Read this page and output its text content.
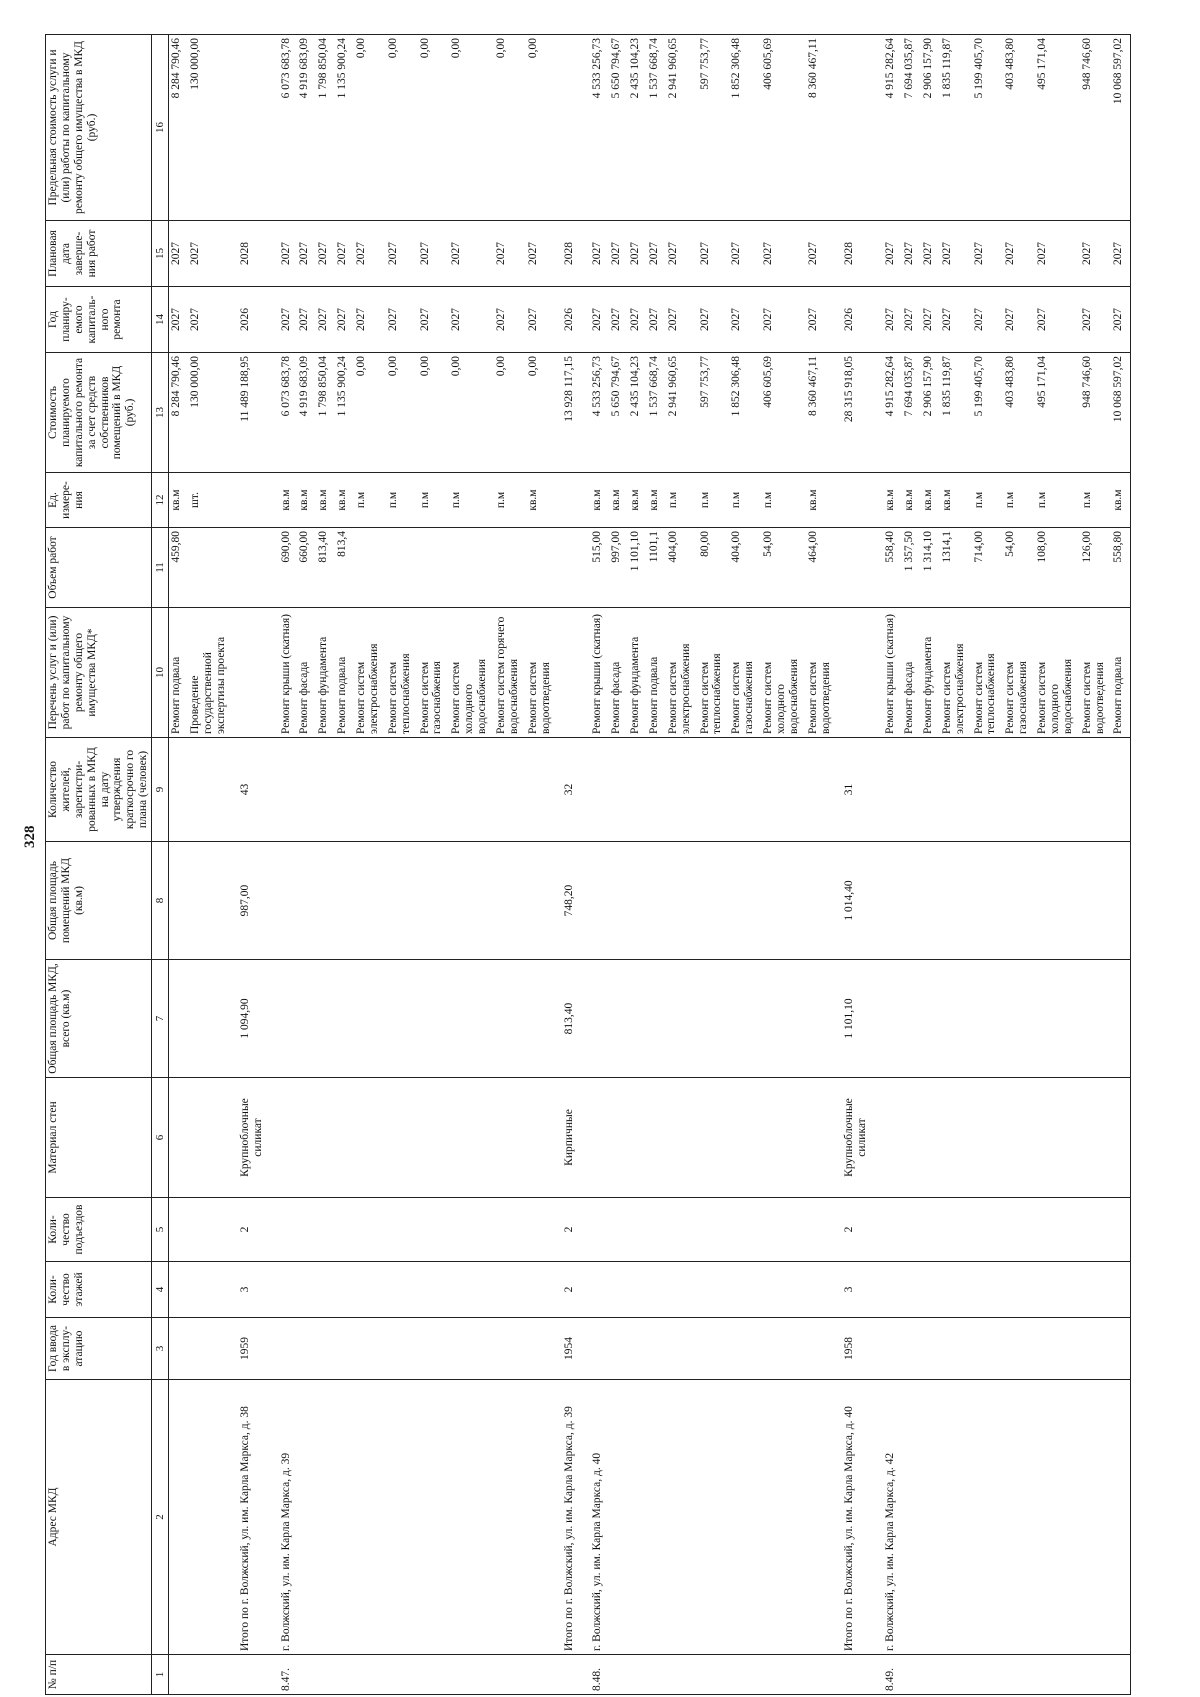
328
№ п/п	Адрес МКД	Год ввода в эксплу-атацию	Коли-чество этажей	Коли-чество подъездов	Материал стен	Общая площадь МКД, всего (кв.м)	Общая площадь помещений МКД (кв.м)	Количество жителей, зарегистри-рованных в МКД на дату утверждения краткосрочно го плана (человек)	Перечень услуг и (или) работ по капитальному ремонту общего имущества МКД*	Объем работ	Ед. измере-ния	Стоимость планируемого капитального ремонта за счет средств собственников помещений в МКД (руб.)	Год планиру-емого капиталь-ного ремонта	Плановая дата заверше-ния работ	Предельная стоимость услуги и (или) работы по капитальному ремонту общего имущества в МКД (руб.)
1	2	3	4	5	6	7	8	9	10	11	12	13	14	15	16
									Ремонт подвала	459,80	кв.м	8 284 790,46	2027	2027	8 284 790,46
									Проведение государственной экспертизы проекта		шт.	130 000,00	2027	2027	130 000,00
	Итого по г. Волжский, ул. им. Карла Маркса, д. 38	1959	3	2	Крупноблочные силикат	1 094,90	987,00	43				11 489 188,95	2026	2028	
8.47.	г. Волжский, ул. им. Карла Маркса, д. 39								Ремонт крыши (скатная)	690,00	кв.м	6 073 683,78	2027	2027	6 073 683,78
									Ремонт фасада	660,00	кв.м	4 919 683,09	2027	2027	4 919 683,09
									Ремонт фундамента	813,40	кв.м	1 798 850,04	2027	2027	1 798 850,04
									Ремонт подвала	813,4	кв.м	1 135 900,24	2027	2027	1 135 900,24
									Ремонт систем электроснабжения		п.м	0,00	2027	2027	0,00
									Ремонт систем теплоснабжения		п.м	0,00	2027	2027	0,00
									Ремонт систем газоснабжения		п.м	0,00	2027	2027	0,00
									Ремонт систем холодного водоснабжения		п.м	0,00	2027	2027	0,00
									Ремонт систем горячего водоснабжения		п.м	0,00	2027	2027	0,00
									Ремонт систем водоотведения		кв.м	0,00	2027	2027	0,00
	Итого по г. Волжский, ул. им. Карла Маркса, д. 39	1954	2	2	Кирпичные	813,40	748,20	32				13 928 117,15	2026	2028	
8.48.	г. Волжский, ул. им. Карла Маркса, д. 40								Ремонт крыши (скатная)	515,00	кв.м	4 533 256,73	2027	2027	4 533 256,73
									Ремонт фасада	997,00	кв.м	5 650 794,67	2027	2027	5 650 794,67
									Ремонт фундамента	1 101,10	кв.м	2 435 104,23	2027	2027	2 435 104,23
									Ремонт подвала	1101,1	кв.м	1 537 668,74	2027	2027	1 537 668,74
									Ремонт систем электроснабжения	404,00	п.м	2 941 960,65	2027	2027	2 941 960,65
									Ремонт систем теплоснабжения	80,00	п.м	597 753,77	2027	2027	597 753,77
									Ремонт систем газоснабжения	404,00	п.м	1 852 306,48	2027	2027	1 852 306,48
									Ремонт систем холодного водоснабжения	54,00	п.м	406 605,69	2027	2027	406 605,69
									Ремонт систем водоотведения	464,00	кв.м	8 360 467,11	2027	2027	8 360 467,11
	Итого по г. Волжский, ул. им. Карла Маркса, д. 40	1958	3	2	Крупноблочные силикат	1 101,10	1 014,40	31				28 315 918,05	2026	2028	
8.49.	г. Волжский, ул. им. Карла Маркса, д. 42								Ремонт крыши (скатная)	558,40	кв.м	4 915 282,64	2027	2027	4 915 282,64
									Ремонт фасада	1 357,50	кв.м	7 694 035,87	2027	2027	7 694 035,87
									Ремонт фундамента	1 314,10	кв.м	2 906 157,90	2027	2027	2 906 157,90
									Ремонт систем электроснабжения	1314,1	кв.м	1 835 119,87	2027	2027	1 835 119,87
									Ремонт систем теплоснабжения	714,00	п.м	5 199 405,70	2027	2027	5 199 405,70
									Ремонт систем газоснабжения	54,00	п.м	403 483,80	2027	2027	403 483,80
									Ремонт систем холодного водоснабжения	108,00	п.м	495 171,04	2027	2027	495 171,04
									Ремонт систем водоотведения	126,00	п.м	948 746,60	2027	2027	948 746,60
									Ремонт подвала	558,80	кв.м	10 068 597,02	2027	2027	10 068 597,02
